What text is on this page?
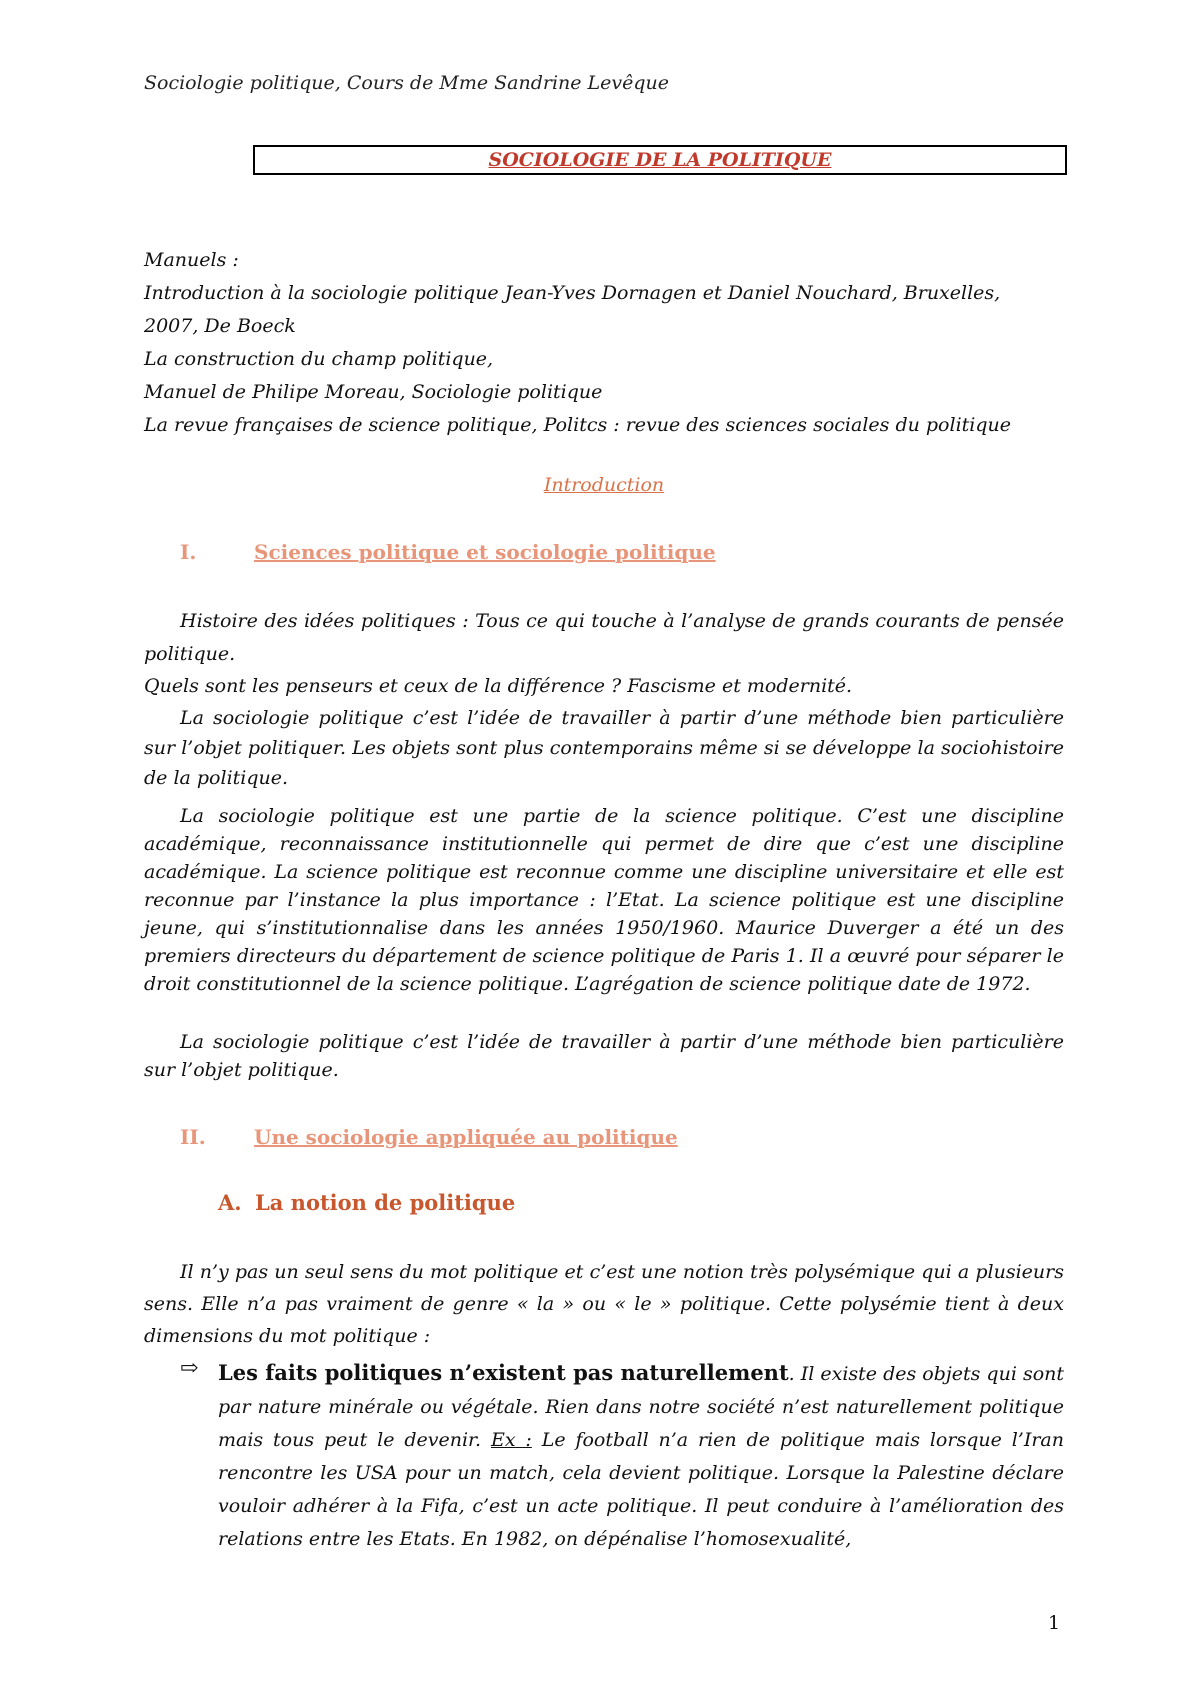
Sociologie politique, Cours de Mme Sandrine Levêque
SOCIOLOGIE DE LA POLITIQUE
Manuels :
Introduction à la sociologie politique Jean-Yves Dornagen et Daniel Nouchard, Bruxelles,
2007, De Boeck
La construction du champ politique,
Manuel de Philipe Moreau, Sociologie politique
La revue françaises de science politique, Politcs : revue des sciences sociales du politique
Introduction
I.	Sciences politique et sociologie politique
Histoire des idées politiques : Tous ce qui touche à l’analyse de grands courants de pensée politique.
Quels sont les penseurs et ceux de la différence ? Fascisme et modernité.
La sociologie politique c’est l’idée de travailler à partir d’une méthode bien particulière sur l’objet politiquer. Les objets sont plus contemporains même si se développe la sociohistoire de la politique.
La sociologie politique est une partie de la science politique. C’est une discipline académique, reconnaissance institutionnelle qui permet de dire que c’est une discipline académique. La science politique est reconnue comme une discipline universitaire et elle est reconnue par l’instance la plus importance : l’Etat. La science politique est une discipline jeune, qui s’institutionnalise dans les années 1950/1960. Maurice Duverger a été un des premiers directeurs du département de science politique de Paris 1. Il a œuvré pour séparer le droit constitutionnel de la science politique. L’agrégation de science politique date de 1972.
La sociologie politique c’est l’idée de travailler à partir d’une méthode bien particulière sur l’objet politique.
II. Une sociologie appliquée au politique
A. La notion de politique
Il n’y pas un seul sens du mot politique et c’est une notion très polysémique qui a plusieurs sens. Elle n’a pas vraiment de genre « la » ou « le » politique. Cette polysémie tient à deux dimensions du mot politique :
⇨ Les faits politiques n’existent pas naturellement. Il existe des objets qui sont par nature minérale ou végétale. Rien dans notre société n’est naturellement politique mais tous peut le devenir. Ex : Le football n’a rien de politique mais lorsque l’Iran rencontre les USA pour un match, cela devient politique. Lorsque la Palestine déclare vouloir adhérer à la Fifa, c’est un acte politique. Il peut conduire à l’amélioration des relations entre les Etats. En 1982, on dépénalise l’homosexualité,
1
